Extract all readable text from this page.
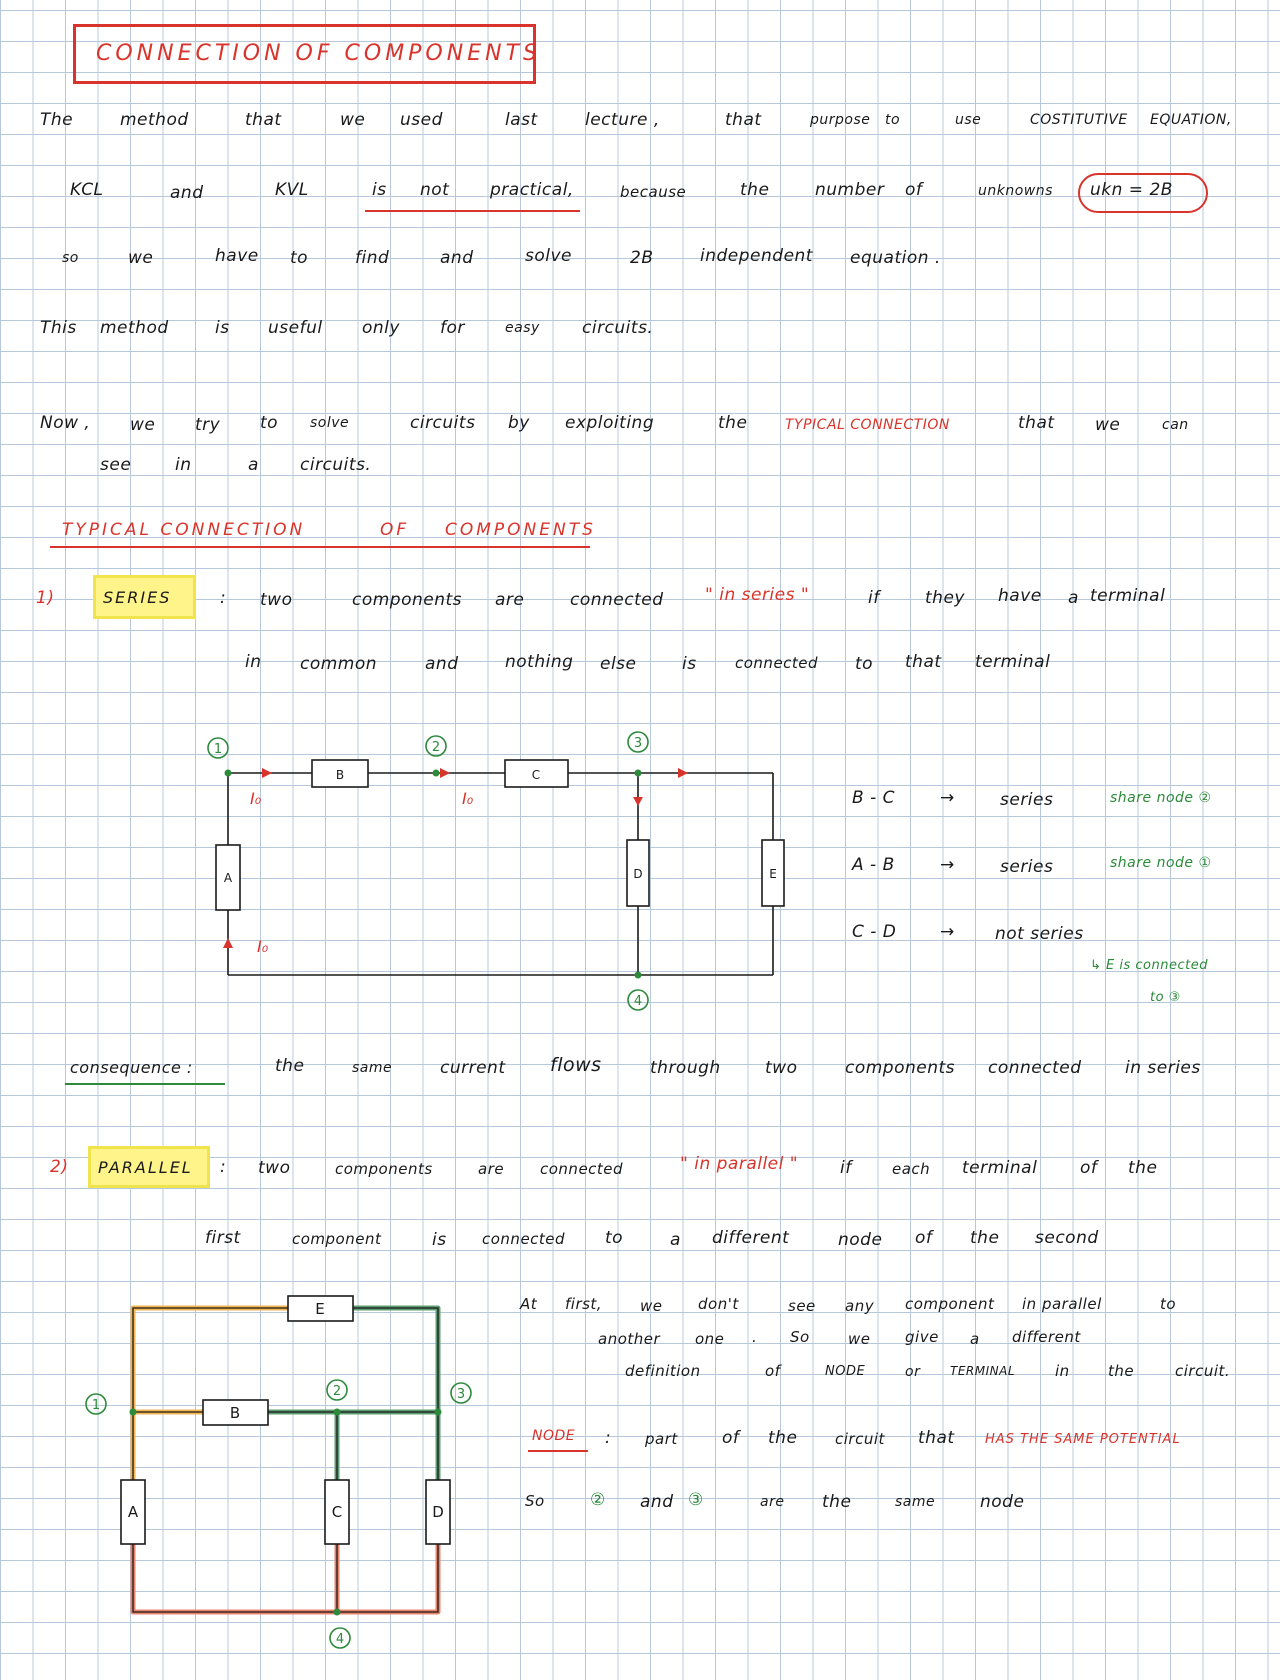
CONNECTION OF COMPONENTS
The	method	that	we used	last	lecture ,	that	purpose to	use	COSTITUTIVE EQUATION,
KCL	and	KVL	is not practical,	because	the	number of	unknowns ukn = 2B
so	we	have to	find	and	solve	2B	independent equation .
This method	is useful only for	easy circuits.
Now , we try to solve	circuits by exploiting	the	TYPICAL CONNECTION	that we	can
see	in	a circuits.
TYPICAL CONNECTION	OF COMPONENTS
1)	SERIES	: two	components are	connected " in series "	if	they have a terminal
in common	and	nothing else	is	connected to that terminal
1	2	3
4
A
B	C
D	E
I₀	I₀
I₀
B - C	→	series	share node ②
A - B	→	series	share node ①
C - D	→ not series
↳ E is connected
to ③
consequence :	the	same	current flows	through	two	components connected	in series
2) PARALLEL : two	components	are connected	" in parallel " if	each terminal	of the
first	component	is connected to	a different	node of the second
1
2	3
4
A
B
C	D
E	At first,	we don't	see any component in parallel	to
another one . So	we give a different
definition	of	NODE	or TERMINAL	in	the	circuit.
NODE : part	of the	circuit that HAS THE SAME POTENTIAL
So	② and ③	are the	same	node
